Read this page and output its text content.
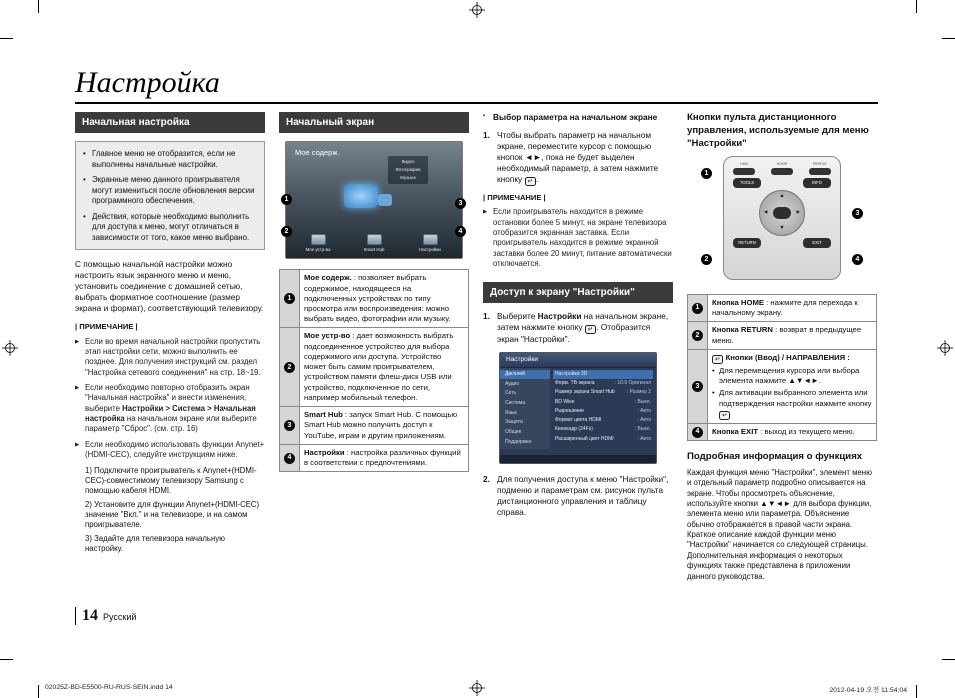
Настройка
Начальная настройка
• Главное меню не отобразится, если не выполнены начальные настройки.
• Экранные меню данного проигрывателя могут измениться после обновления версии программного обеспечения.
• Действия, которые необходимо выполнить для доступа к меню, могут отличаться в зависимости от того, какое меню выбрано.

С помощью начальной настройки можно настроить язык экранного меню и меню, установить соединение с домашней сетью, выбрать форматное соотношение (размер экрана и формат), соответствующий телевизору.

| ПРИМЕЧАНИЕ |
▶ Если во время начальной настройки пропустить этап настройки сети, можно выполнить ее позднее. Для получения инструкций см. раздел "Настройка сетевого соединения" на стр. 18~19.
▶ Если необходимо повторно отобразить экран "Начальная настройка" и внести изменения, выберите Настройки > Система > Начальная настройка на начальном экране или выберите параметр "Сброс". (см. стр. 16)
▶ Если необходимо использовать функции Anynet+(HDMI-CEC), следуйте инструкциям ниже.
1) Подключите проигрыватель к Anynet+(HDMI-CEC)-совместимому телевизору Samsung с помощью кабеля HDMI.
2) Установите для функции Anynet+(HDMI-CEC) значение "Вкл." и на телевизоре, и на самом проигрывателе.
3) Задайте для телевизора начальную настройку.
Начальный экран
Мое содерж.
Видео
Фотографии
Музыка
Мое устр-во	Smart Hub	Настройки
1
2
3
4
1
Мое содерж. : позволяет выбрать содержимое, находящееся на подключенных устройствах по типу просмотра или воспроизведения: можно выбрать видео, фотографии или музыку.
2
Мое устр-во : дает возможность выбрать подсоединенное устройство для выбора содержимого или доступа. Устройство может быть самим проигрывателем, устройством памяти флеш-диск USB или устройство, подключенное по сети, например мобильный телефон.
3
Smart Hub : запуск Smart Hub. С помощью Smart Hub можно получить доступ к YouTube, играм и другим приложениям.
4
Настройки : настройка различных функций в соответствии с предпочтениями.
▪ Выбор параметра на начальном экране
1. Чтобы выбрать параметр на начальном экране, переместите курсор с помощью кнопок ◄►, пока не будет выделен необходимый параметр, а затем нажмите кнопку ↵ .
| ПРИМЕЧАНИЕ |
▶ Если проигрыватель находится в режиме остановки более 5 минут, на экране телевизора отобразится экранная заставка. Если проигрыватель находится в режиме экранной заставки более 20 минут, питание автоматически отключается.
Доступ к экрану "Настройки"
1. Выберите Настройки на начальном экране, затем нажмите кнопку ↵ . Отобразится экран "Настройки".
Настройки
Дисплей
Аудио
Сеть
Система
Язык
Защита
Общие
Поддержка
Настройки 3D
Форм. ТВ-экрана	: 16:9 Оригинал
Размер экрана Smart Hub : Размер 2
BD Wise	: Выкл.
Разрешение	: Авто
Формат цвета HDMI	: Авто
Кинокадр (24Fs)	: Выкл.
Расширенный цвет HDMI	: Авто
2. Для получения доступа к меню "Настройки", подменю и параметрам см. рисунок пульта дистанционного управления и таблицу справа.
Кнопки пульта дистанционного управления, используемые для меню "Настройки"
HUB	HOME	REPEAT
TOOLS	INFO
▲
▼
◄	►
RETURN	EXIT
1
2
3
4
1
Кнопка HOME : нажмите для перехода к начальному экрану.
2
Кнопка RETURN : возврат в предыдущее меню.
3
↵ Кнопки (Ввод) / НАПРАВЛЕНИЯ :
• Для перемещения курсора или выбора элемента нажмите ▲▼◄►.
• Для активации выбранного элемента или подтверждения настройки нажмите кнопку ↵
4	Кнопка EXIT : выход из текущего меню.
Подробная информация о функциях

Каждая функция меню "Настройки", элемент меню и отдельный параметр подробно описывается на экране. Чтобы просмотреть объяснение, используйте кнопки ▲▼◄► для выбора функции, элемента меню или параметра. Объяснение обычно отображается в правой части экрана. Краткое описание каждой функции меню "Настройки" начинается со следующей страницы. Дополнительная информация о некоторых функциях также представлена в приложении данного руководства.

14 Русский
02025Z-BD-E5500-RU-RUS-SEIN.indd 14	2012-04-19 오전 11:54:04
